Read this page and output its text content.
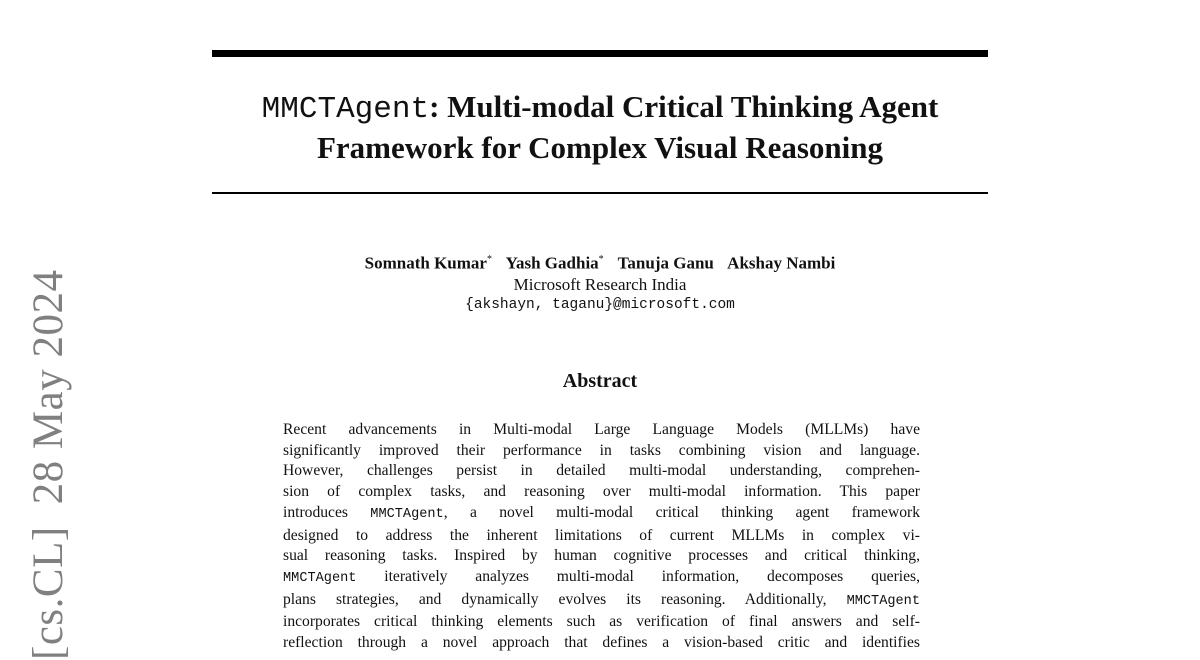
MMCTAgent: Multi-modal Critical Thinking Agent
Framework for Complex Visual Reasoning
Somnath Kumar* Yash Gadhia* Tanuja Ganu Akshay Nambi
Microsoft Research India
{akshayn, taganu}@microsoft.com
Abstract
Recent advancements in Multi-modal Large Language Models (MLLMs) have
significantly improved their performance in tasks combining vision and language.
However, challenges persist in detailed multi-modal understanding, comprehen-
sion of complex tasks, and reasoning over multi-modal information. This paper
introduces MMCTAgent, a novel multi-modal critical thinking agent framework
designed to address the inherent limitations of current MLLMs in complex vi-
sual reasoning tasks. Inspired by human cognitive processes and critical thinking,
MMCTAgent iteratively analyzes multi-modal information, decomposes queries,
plans strategies, and dynamically evolves its reasoning. Additionally, MMCTAgent
incorporates critical thinking elements such as verification of final answers and self-
reflection through a novel approach that defines a vision-based critic and identifies
[cs.CL]28 May 2024
